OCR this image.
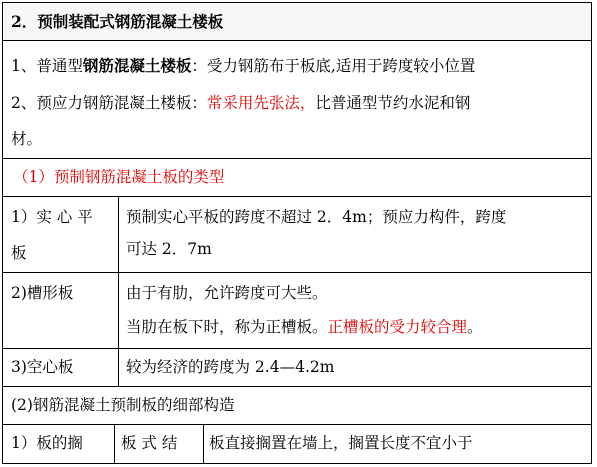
2．预制装配式钢筋混凝土楼板
1、普通型钢筋混凝土楼板：受力钢筋布于板底,适用于跨度较小位置
2、预应力钢筋混凝土楼板：常采用先张法，比普通型节约水泥和钢
材。
（1）预制钢筋混凝土板的类型
1）实 心 平
板
预制实心平板的跨度不超过 2．4m；预应力构件，跨度
可达 2．7m
2)槽形板	由于有肋，允许跨度可大些。
当肋在板下时，称为正槽板。正槽板的受力较合理。
3)空心板	较为经济的跨度为 2.4—4.2m
(2)钢筋混凝土预制板的细部构造
1）板的搁 板 式 结 板直接搁置在墙上，搁置长度不宜小于
